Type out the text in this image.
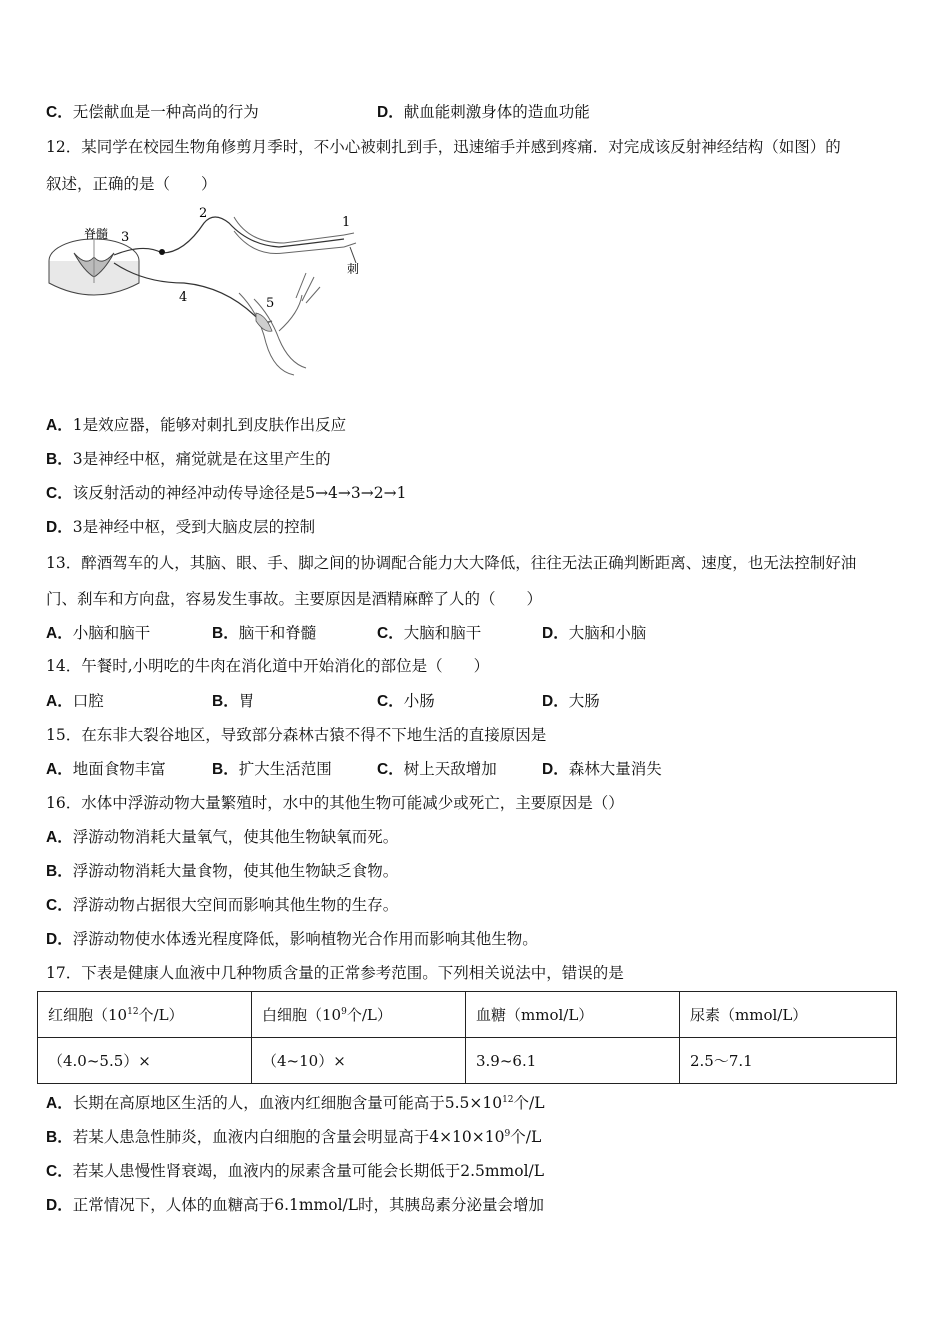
C．无偿献血是一种高尚的行为	D．献血能刺激身体的造血功能
12．某同学在校园生物角修剪月季时，不小心被刺扎到手，迅速缩手并感到疼痛．对完成该反射神经结构（如图）的
叙述，正确的是（　　）
脊髓 3
2
1
刺
4	5
A．1是效应器，能够对刺扎到皮肤作出反应
B．3是神经中枢，痛觉就是在这里产生的
C．该反射活动的神经冲动传导途径是5→4→3→2→1
D．3是神经中枢，受到大脑皮层的控制
13．醉酒驾车的人，其脑、眼、手、脚之间的协调配合能力大大降低，往往无法正确判断距离、速度，也无法控制好油
门、刹车和方向盘，容易发生事故。主要原因是酒精麻醉了人的（　　）
A．小脑和脑干	B．脑干和脊髓	C．大脑和脑干	D．大脑和小脑
14．午餐时,小明吃的牛肉在消化道中开始消化的部位是（　　）
A．口腔	B．胃	C．小肠	D．大肠
15．在东非大裂谷地区，导致部分森林古猿不得不下地生活的直接原因是
A．地面食物丰富	B．扩大生活范围	C．树上天敌增加	D．森林大量消失
16．水体中浮游动物大量繁殖时，水中的其他生物可能减少或死亡，主要原因是（）
A．浮游动物消耗大量氧气，使其他生物缺氧而死。
B．浮游动物消耗大量食物，使其他生物缺乏食物。
C．浮游动物占据很大空间而影响其他生物的生存。
D．浮游动物使水体透光程度降低，影响植物光合作用而影响其他生物。
17．下表是健康人血液中几种物质含量的正常参考范围。下列相关说法中，错误的是
红细胞（$10^{12}$个/L）	白细胞（$10^9$个/L）	血糖（mmol/L）	尿素（mmol/L）
（4.0~5.5）×	（4~10）×	3.9~6.1	2.5～7.1
A．长期在高原地区生活的人，血液内红细胞含量可能高于$5.5\times 10^{12}$个/L
B．若某人患急性肺炎，血液内白细胞的含量会明显高于$4\times 10\times 10^9$个/L
C．若某人患慢性肾衰竭，血液内的尿素含量可能会长期低于2.5mmol/L
D．正常情况下，人体的血糖高于6.1mmol/L时，其胰岛素分泌量会增加
